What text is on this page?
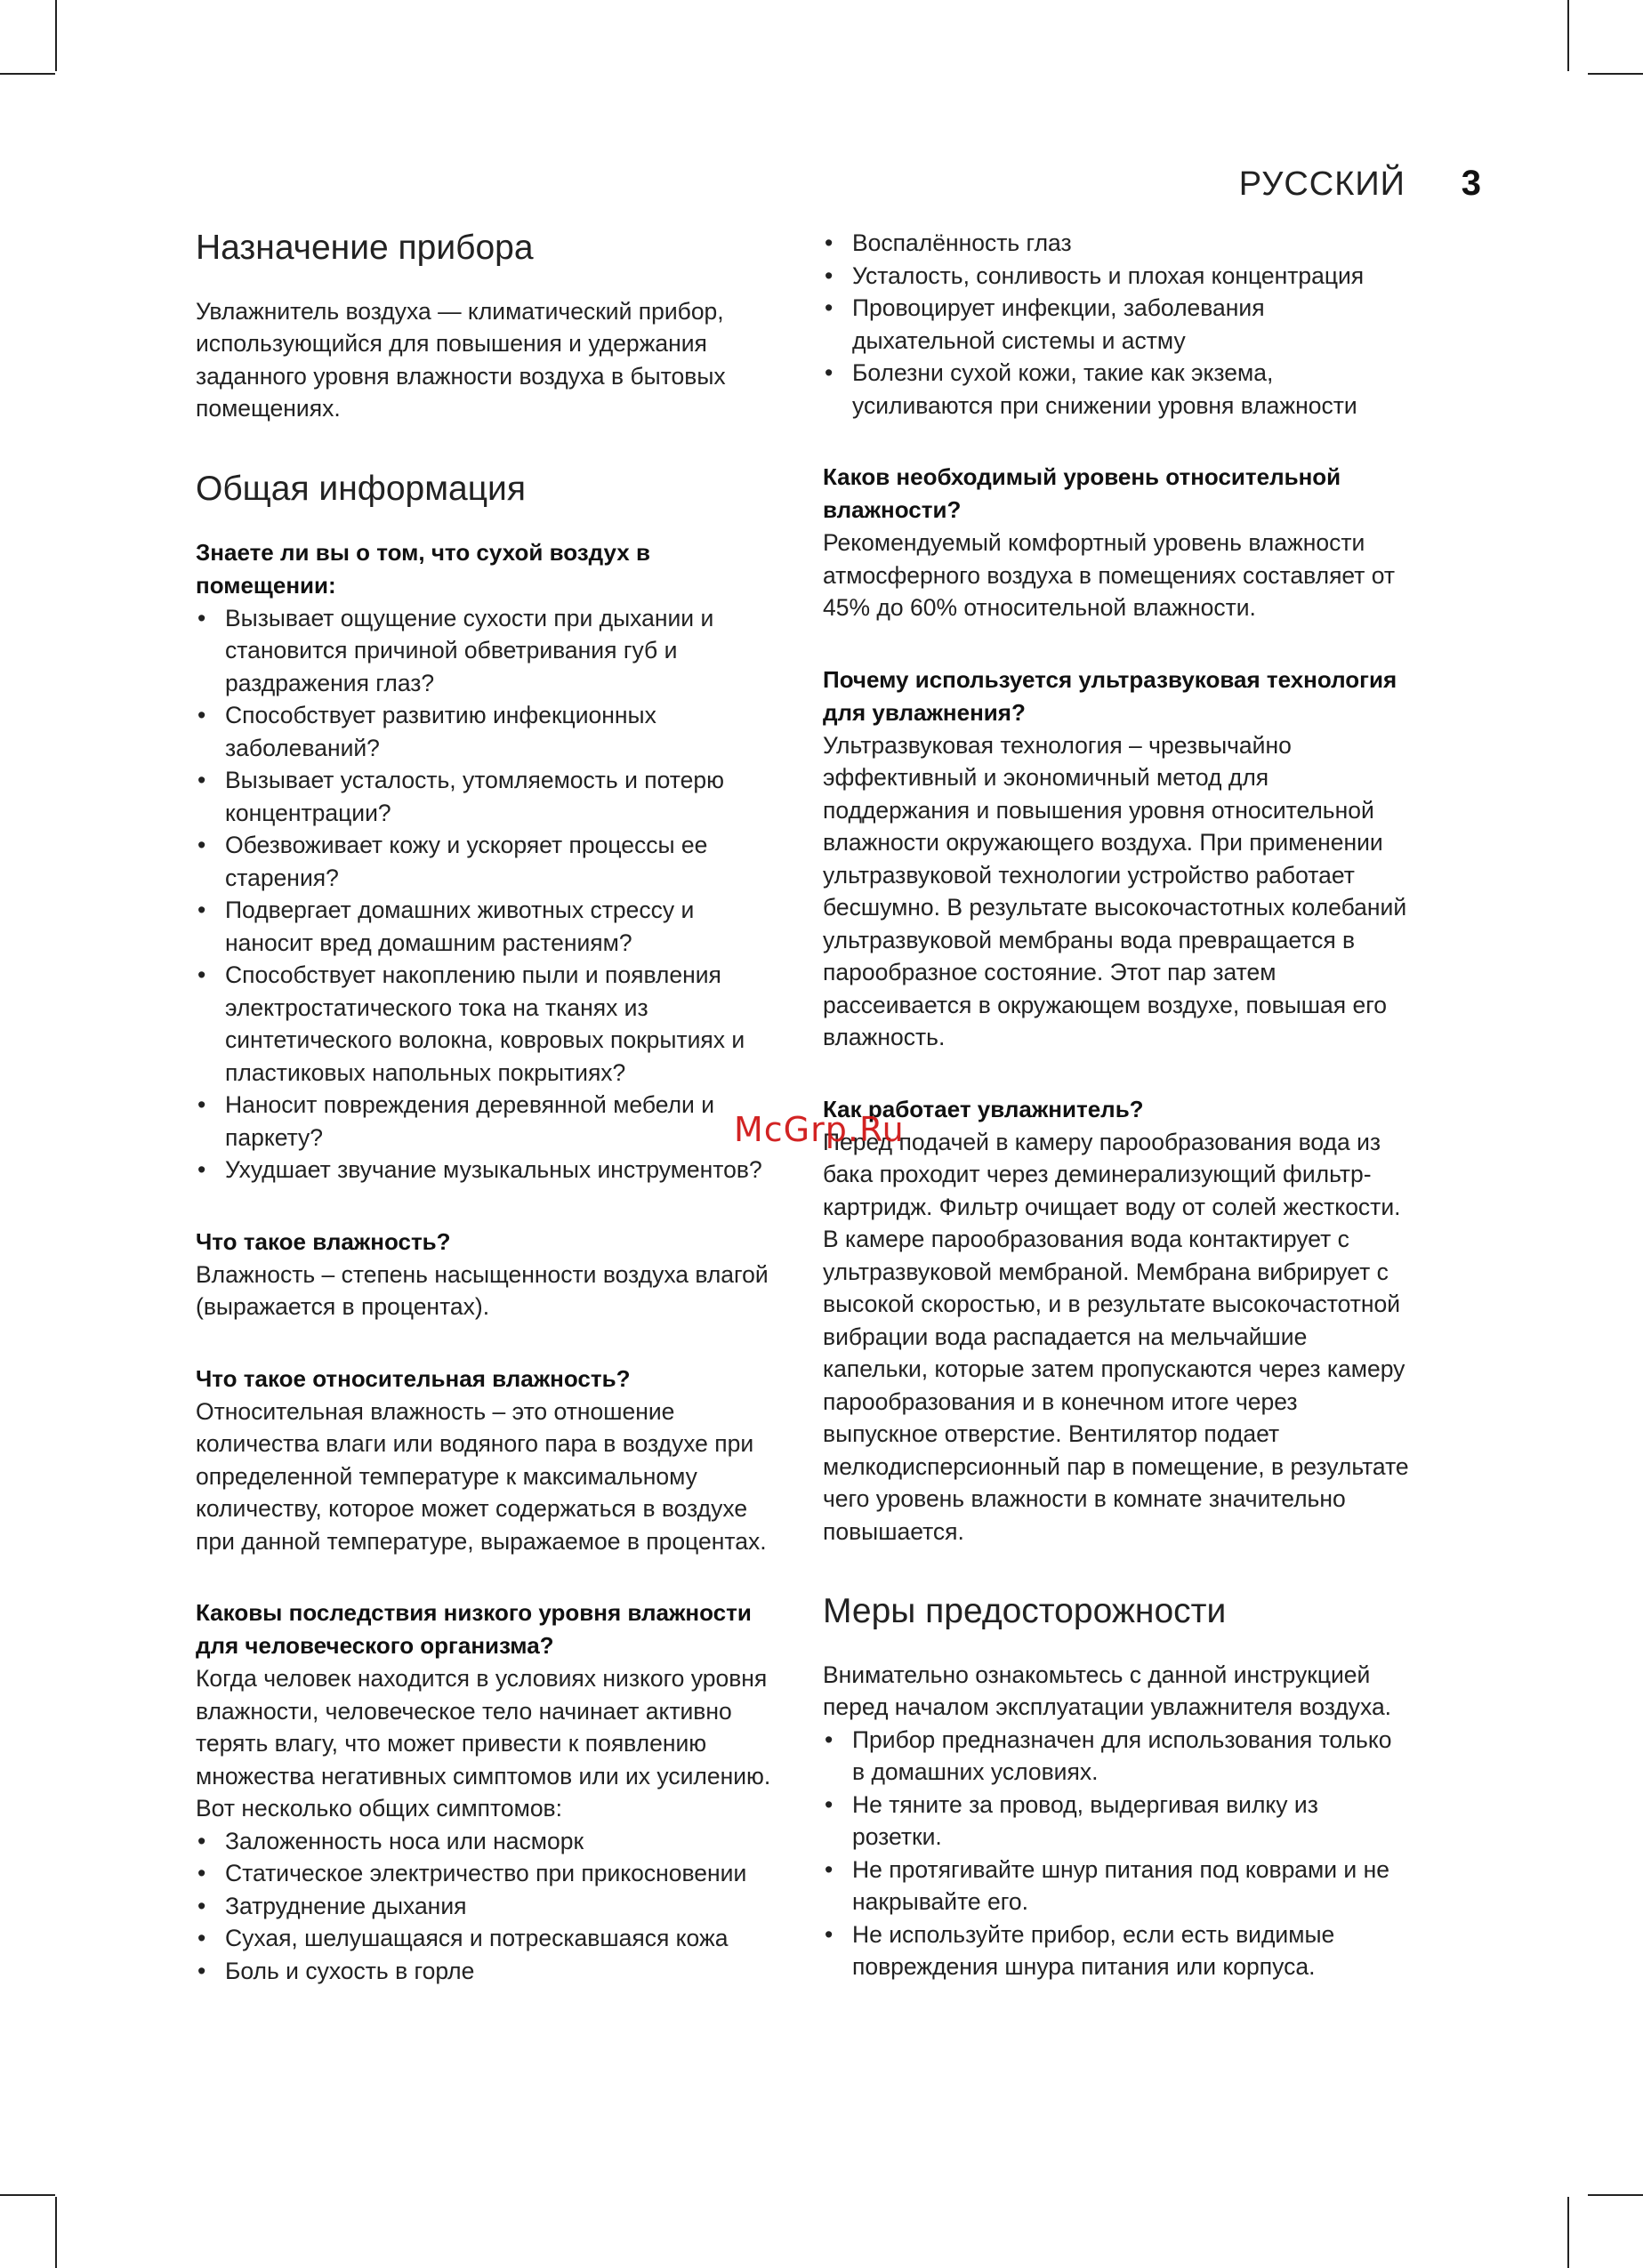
РУССКИЙ 3
Назначение прибора

Увлажнитель воздуха — климатический прибор, использующийся для повышения и удержания заданного уровня влажности воздуха в бытовых помещениях.

Общая информация
Знаете ли вы о том, что сухой воздух в помещении:
• Вызывает ощущение сухости при дыхании и становится причиной обветривания губ и раздражения глаз?
• Способствует развитию инфекционных заболеваний?
• Вызывает усталость, утомляемость и потерю концентрации?
• Обезвоживает кожу и ускоряет процессы ее старения?
• Подвергает домашних животных стрессу и наносит вред домашним растениям?
• Способствует накоплению пыли и появления электростатического тока на тканях из синтетического волокна, ковровых покрытиях и пластиковых напольных покрытиях?
• Наносит повреждения деревянной мебели и паркету?
• Ухудшает звучание музыкальных инструментов?
Что такое влажность?

Влажность – степень насыщенности воздуха влагой (выражается в процентах).

Что такое относительная влажность?

Относительная влажность – это отношение количества влаги или водяного пара в воздухе при определенной температуре к максимальному количеству, которое может содержаться в воздухе при данной температуре, выражаемое в процентах.

Каковы последствия низкого уровня влажности для человеческого организма?

Когда человек находится в условиях низкого уровня влажности, человеческое тело начинает активно терять влагу, что может привести к появлению множества негативных симптомов или их усилению. Вот несколько общих симптомов:

• Заложенность носа или насморк
• Статическое электричество при прикосновении
• Затруднение дыхания
• Сухая, шелушащаяся и потрескавшаяся кожа
• Боль и сухость в горле
• Воспалённость глаз
• Усталость, сонливость и плохая концентрация
• Провоцирует инфекции, заболевания дыхательной системы и астму
• Болезни сухой кожи, такие как экзема, усиливаются при снижении уровня влажности
Каков необходимый уровень относительной влажности?

Рекомендуемый комфортный уровень влажности атмосферного воздуха в помещениях составляет от 45% до 60% относительной влажности.

Почему используется ультразвуковая технология для увлажнения?

Ультразвуковая технология – чрезвычайно эффективный и экономичный метод для поддержания и повышения уровня относительной влажности окружающего воздуха. При применении ультразвуковой технологии устройство работает бесшумно. В результате высокочастотных колебаний ультразвуковой мембраны вода превращается в парообразное состояние. Этот пар затем рассеивается в окружающем воздухе, повышая его влажность.

Как работает увлажнитель?

Перед подачей в камеру парообразования вода из бака проходит через деминерализующий фильтр-картридж. Фильтр очищает воду от солей жесткости. В камере парообразования вода контактирует с ультразвуковой мембраной. Мембрана вибрирует с высокой скоростью, и в результате высокочастотной вибрации вода распадается на мельчайшие капельки, которые затем пропускаются через камеру парообразования и в конечном итоге через выпускное отверстие. Вентилятор подает мелкодисперсионный пар в помещение, в результате чего уровень влажности в комнате значительно повышается.

Меры предосторожности

Внимательно ознакомьтесь с данной инструкцией перед началом эксплуатации увлажнителя воздуха.

• Прибор предназначен для использования только в домашних условиях.
• Не тяните за провод, выдергивая вилку из розетки.
• Не протягивайте шнур питания под коврами и не накрывайте его.
• Не используйте прибор, если есть видимые повреждения шнура питания или корпуса.
McGrp.Ru
